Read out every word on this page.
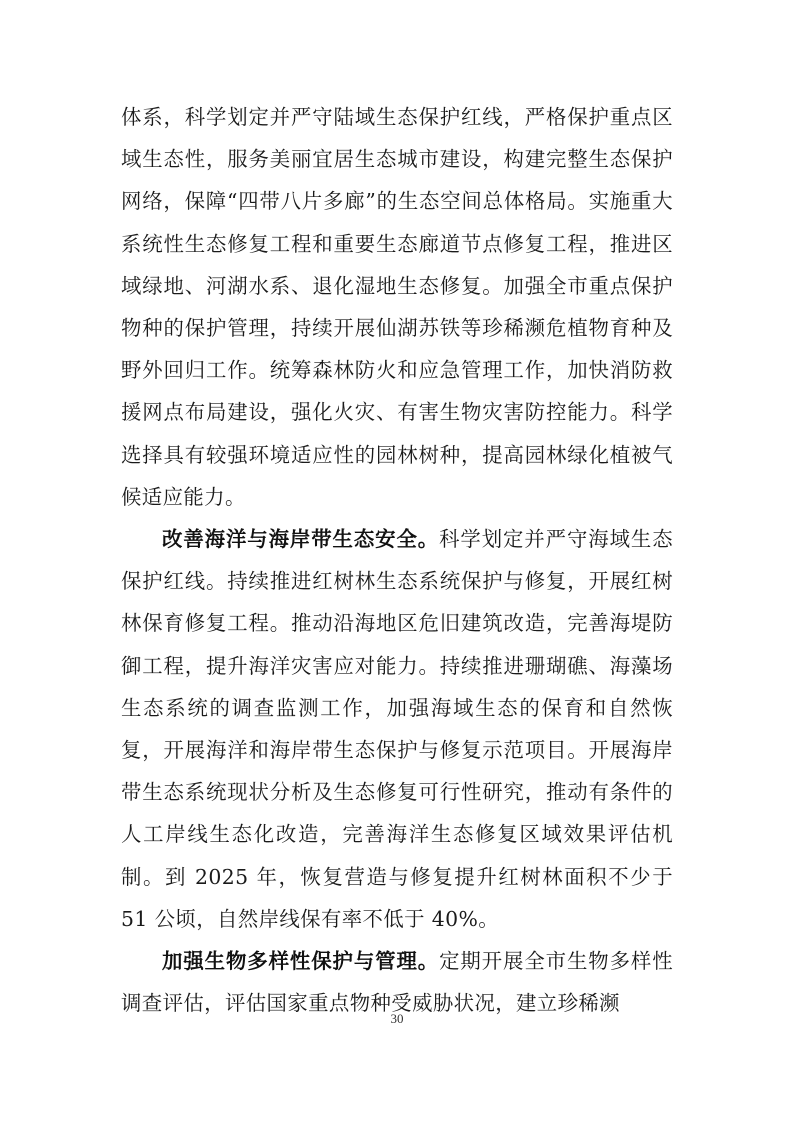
体系，科学划定并严守陆域生态保护红线，严格保护重点区域生态性，服务美丽宜居生态城市建设，构建完整生态保护网络，保障“四带八片多廊”的生态空间总体格局。实施重大系统性生态修复工程和重要生态廊道节点修复工程，推进区域绿地、河湖水系、退化湿地生态修复。加强全市重点保护物种的保护管理，持续开展仙湖苏铁等珍稀濒危植物育种及野外回归工作。统筹森林防火和应急管理工作，加快消防救援网点布局建设，强化火灾、有害生物灾害防控能力。科学选择具有较强环境适应性的园林树种，提高园林绿化植被气候适应能力。

改善海洋与海岸带生态安全。科学划定并严守海域生态保护红线。持续推进红树林生态系统保护与修复，开展红树林保育修复工程。推动沿海地区危旧建筑改造，完善海堤防御工程，提升海洋灾害应对能力。持续推进珊瑚礁、海藻场生态系统的调查监测工作，加强海域生态的保育和自然恢复，开展海洋和海岸带生态保护与修复示范项目。开展海岸带生态系统现状分析及生态修复可行性研究，推动有条件的人工岸线生态化改造，完善海洋生态修复区域效果评估机制。到 2025 年，恢复营造与修复提升红树林面积不少于 51 公顷，自然岸线保有率不低于 40%。

加强生物多样性保护与管理。定期开展全市生物多样性调查评估，评估国家重点物种受威胁状况，建立珍稀濒

30
